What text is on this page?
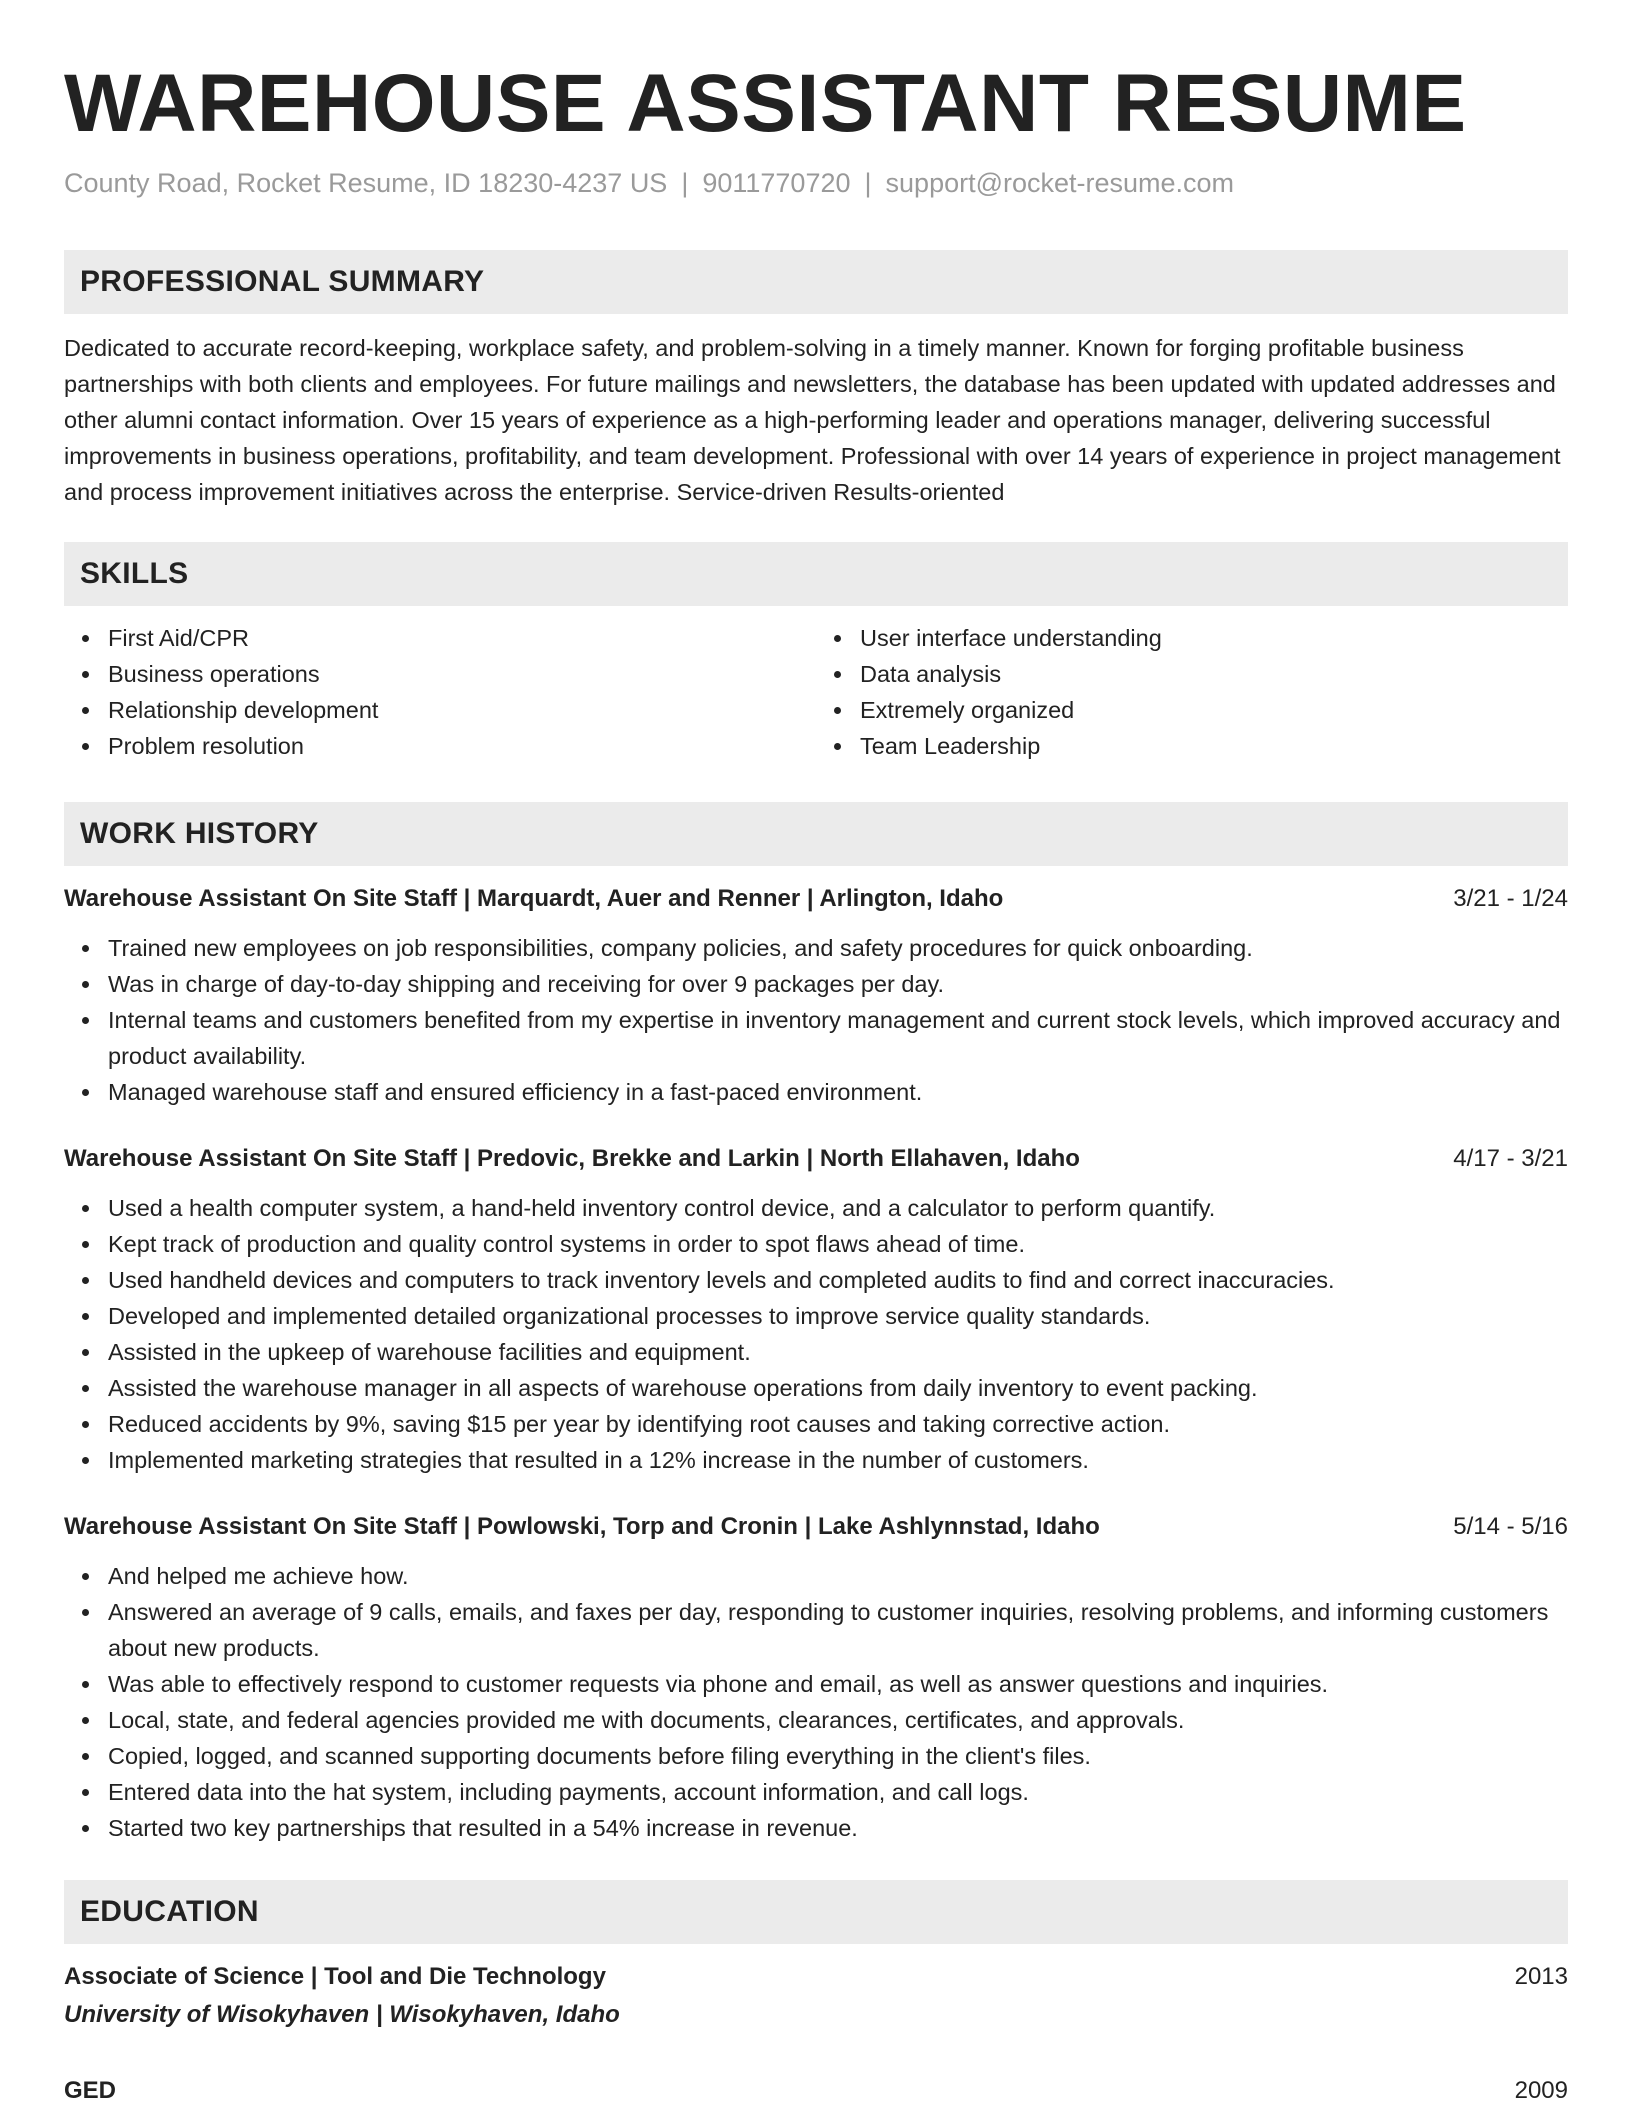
WAREHOUSE ASSISTANT RESUME
County Road, Rocket Resume, ID 18230-4237 US | 9011770720 | support@rocket-resume.com
PROFESSIONAL SUMMARY
Dedicated to accurate record-keeping, workplace safety, and problem-solving in a timely manner. Known for forging profitable business partnerships with both clients and employees. For future mailings and newsletters, the database has been updated with updated addresses and other alumni contact information. Over 15 years of experience as a high-performing leader and operations manager, delivering successful improvements in business operations, profitability, and team development. Professional with over 14 years of experience in project management and process improvement initiatives across the enterprise. Service-driven Results-oriented
SKILLS
First Aid/CPR
Business operations
Relationship development
Problem resolution
User interface understanding
Data analysis
Extremely organized
Team Leadership
WORK HISTORY
Warehouse Assistant On Site Staff | Marquardt, Auer and Renner | Arlington, Idaho	3/21 - 1/24
Trained new employees on job responsibilities, company policies, and safety procedures for quick onboarding.
Was in charge of day-to-day shipping and receiving for over 9 packages per day.
Internal teams and customers benefited from my expertise in inventory management and current stock levels, which improved accuracy and product availability.
Managed warehouse staff and ensured efficiency in a fast-paced environment.
Warehouse Assistant On Site Staff | Predovic, Brekke and Larkin | North Ellahaven, Idaho	4/17 - 3/21
Used a health computer system, a hand-held inventory control device, and a calculator to perform quantify.
Kept track of production and quality control systems in order to spot flaws ahead of time.
Used handheld devices and computers to track inventory levels and completed audits to find and correct inaccuracies.
Developed and implemented detailed organizational processes to improve service quality standards.
Assisted in the upkeep of warehouse facilities and equipment.
Assisted the warehouse manager in all aspects of warehouse operations from daily inventory to event packing.
Reduced accidents by 9%, saving $15 per year by identifying root causes and taking corrective action.
Implemented marketing strategies that resulted in a 12% increase in the number of customers.
Warehouse Assistant On Site Staff | Powlowski, Torp and Cronin | Lake Ashlynnstad, Idaho	5/14 - 5/16
And helped me achieve how.
Answered an average of 9 calls, emails, and faxes per day, responding to customer inquiries, resolving problems, and informing customers about new products.
Was able to effectively respond to customer requests via phone and email, as well as answer questions and inquiries.
Local, state, and federal agencies provided me with documents, clearances, certificates, and approvals.
Copied, logged, and scanned supporting documents before filing everything in the client's files.
Entered data into the hat system, including payments, account information, and call logs.
Started two key partnerships that resulted in a 54% increase in revenue.
EDUCATION
Associate of Science | Tool and Die Technology	2013
University of Wisokyhaven | Wisokyhaven, Idaho
GED	2009
